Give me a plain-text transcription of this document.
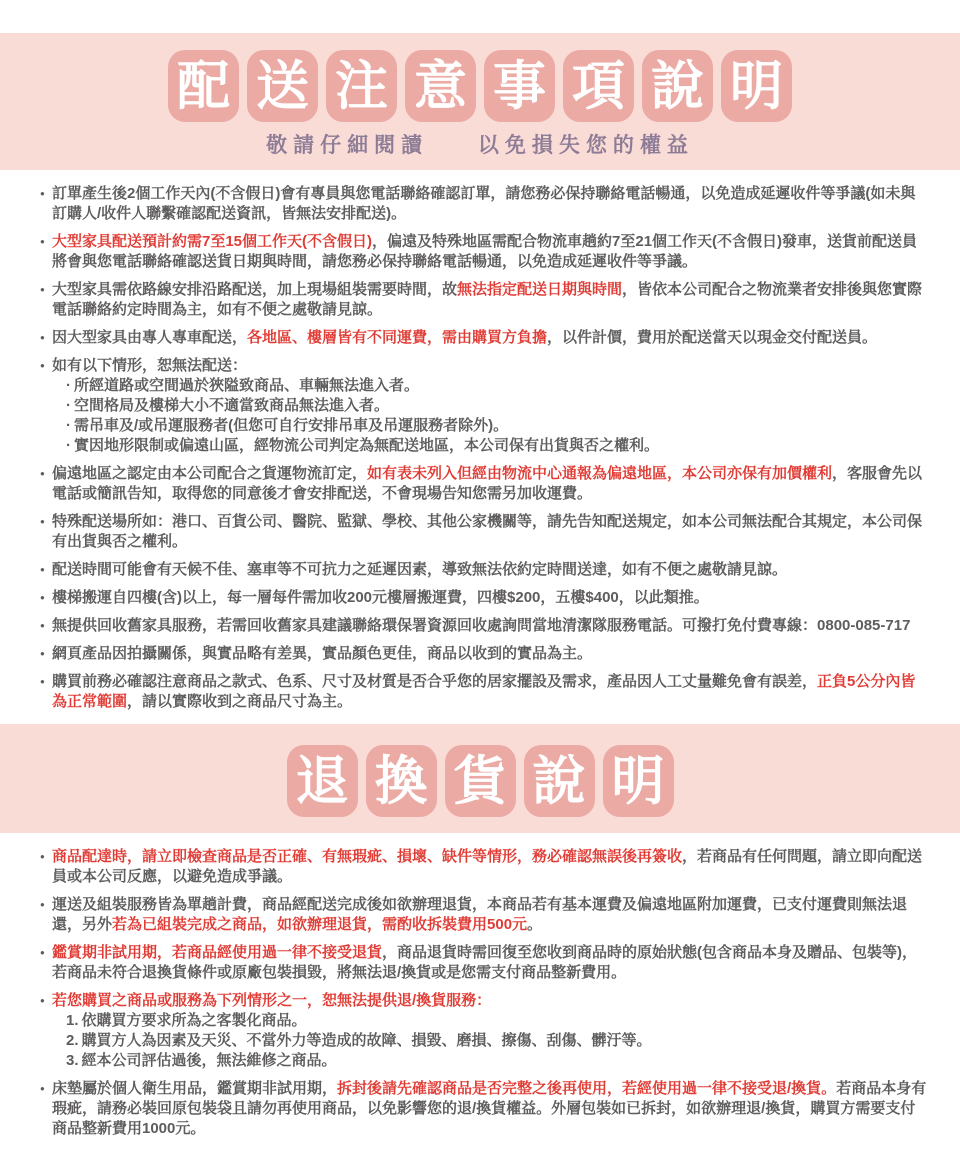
配 送 注 意 事 項 說 明
敬請仔細閱讀 以免損失您的權益
● 訂單產生後2個工作天內(不含假日)會有專員與您電話聯絡確認訂單，請您務必保持聯絡電話暢通，以免造成延遲收件等爭議(如未與訂購人/收件人聯繫確認配送資訊，皆無法安排配送)。
● 大型家具配送預計約需7至15個工作天(不含假日)，偏遠及特殊地區需配合物流車趟約7至21個工作天(不含假日)發車，送貨前配送員將會與您電話聯絡確認送貨日期與時間，請您務必保持聯絡電話暢通，以免造成延遲收件等爭議。
● 大型家具需依路線安排沿路配送，加上現場組裝需要時間，故無法指定配送日期與時間，皆依本公司配合之物流業者安排後與您實際電話聯絡約定時間為主，如有不便之處敬請見諒。
● 因大型家具由專人專車配送，各地區、樓層皆有不同運費，需由購買方負擔，以件計價，費用於配送當天以現金交付配送員。
● 如有以下情形，恕無法配送：
· 所經道路或空間過於狹隘致商品、車輛無法進入者。
· 空間格局及樓梯大小不適當致商品無法進入者。
· 需吊車及/或吊運服務者(但您可自行安排吊車及吊運服務者除外)。
· 實因地形限制或偏遠山區，經物流公司判定為無配送地區，本公司保有出貨與否之權利。
● 偏遠地區之認定由本公司配合之貨運物流訂定，如有表未列入但經由物流中心通報為偏遠地區，本公司亦保有加價權利，客服會先以電話或簡訊告知，取得您的同意後才會安排配送，不會現場告知您需另加收運費。
● 特殊配送場所如：港口、百貨公司、醫院、監獄、學校、其他公家機關等，請先告知配送規定，如本公司無法配合其規定，本公司保有出貨與否之權利。
● 配送時間可能會有天候不佳、塞車等不可抗力之延遲因素，導致無法依約定時間送達，如有不便之處敬請見諒。
● 樓梯搬運自四樓(含)以上，每一層每件需加收200元樓層搬運費，四樓$200，五樓$400，以此類推。
● 無提供回收舊家具服務，若需回收舊家具建議聯絡環保署資源回收處詢問當地清潔隊服務電話。可撥打免付費專線：0800-085-717
● 網頁產品因拍攝關係，與實品略有差異，實品顏色更佳，商品以收到的實品為主。
● 購買前務必確認注意商品之款式、色系、尺寸及材質是否合乎您的居家擺設及需求，產品因人工丈量難免會有誤差，正負5公分內皆為正常範圍，請以實際收到之商品尺寸為主。
退 換 貨 說 明
● 商品配達時，請立即檢查商品是否正確、有無瑕疵、損壞、缺件等情形，務必確認無誤後再簽收，若商品有任何問題，請立即向配送員或本公司反應，以避免造成爭議。
● 運送及組裝服務皆為單趟計費，商品經配送完成後如欲辦理退貨，本商品若有基本運費及偏遠地區附加運費，已支付運費則無法退還，另外若為已組裝完成之商品，如欲辦理退貨，需酌收拆裝費用500元。
● 鑑賞期非試用期，若商品經使用過一律不接受退貨，商品退貨時需回復至您收到商品時的原始狀態(包含商品本身及贈品、包裝等)，若商品未符合退換貨條件或原廠包裝損毀，將無法退/換貨或是您需支付商品整新費用。
● 若您購買之商品或服務為下列情形之一，恕無法提供退/換貨服務：
1. 依購買方要求所為之客製化商品。
2. 購買方人為因素及天災、不當外力等造成的故障、損毀、磨損、擦傷、刮傷、髒汙等。
3. 經本公司評估過後，無法維修之商品。
● 床墊屬於個人衛生用品，鑑賞期非試用期，拆封後請先確認商品是否完整之後再使用，若經使用過一律不接受退/換貨。若商品本身有瑕疵，請務必裝回原包裝袋且請勿再使用商品，以免影響您的退/換貨權益。外層包裝如已拆封，如欲辦理退/換貨，購買方需要支付商品整新費用1000元。
